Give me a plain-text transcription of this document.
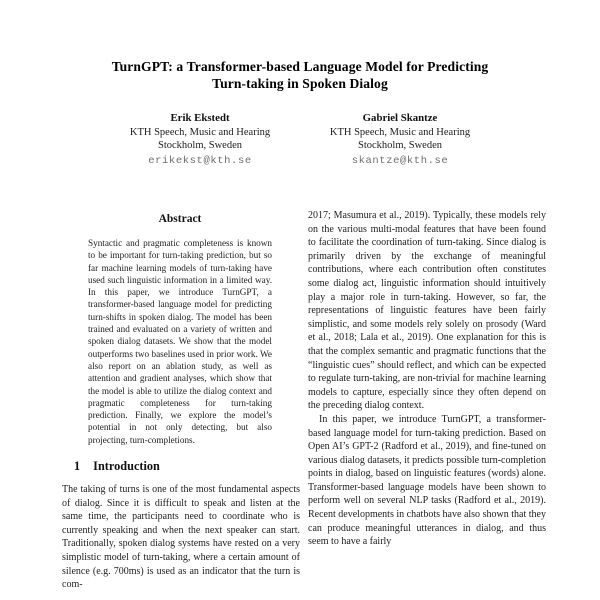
TurnGPT: a Transformer-based Language Model for Predicting
Turn-taking in Spoken Dialog
Erik Ekstedt
KTH Speech, Music and Hearing
Stockholm, Sweden
erikekst@kth.se
Gabriel Skantze
KTH Speech, Music and Hearing
Stockholm, Sweden
skantze@kth.se
Abstract
Syntactic and pragmatic completeness is known to be important for turn-taking prediction, but so far machine learning models of turn-taking have used such linguistic information in a limited way. In this paper, we introduce TurnGPT, a transformer-based language model for predicting turn-shifts in spoken dialog. The model has been trained and evaluated on a variety of written and spoken dialog datasets. We show that the model outperforms two baselines used in prior work. We also report on an ablation study, as well as attention and gradient analyses, which show that the model is able to utilize the dialog context and pragmatic completeness for turn-taking prediction. Finally, we explore the model’s potential in not only detecting, but also projecting, turn-completions.
1 Introduction

The taking of turns is one of the most fundamental aspects of dialog. Since it is difficult to speak and listen at the same time, the participants need to coordinate who is currently speaking and when the next speaker can start. Traditionally, spoken dialog systems have rested on a very simplistic model of turn-taking, where a certain amount of silence (e.g. 700ms) is used as an indicator that the turn is com-

2017; Masumura et al., 2019). Typically, these models rely on the various multi-modal features that have been found to facilitate the coordination of turn-taking. Since dialog is primarily driven by the exchange of meaningful contributions, where each contribution often constitutes some dialog act, linguistic information should intuitively play a major role in turn-taking. However, so far, the representations of linguistic features have been fairly simplistic, and some models rely solely on prosody (Ward et al., 2018; Lala et al., 2019). One explanation for this is that the complex semantic and pragmatic functions that the “linguistic cues” should reflect, and which can be expected to regulate turn-taking, are non-trivial for machine learning models to capture, especially since they often depend on the preceding dialog context.

In this paper, we introduce TurnGPT, a transformer-based language model for turn-taking prediction. Based on Open AI’s GPT-2 (Radford et al., 2019), and fine-tuned on various dialog datasets, it predicts possible turn-completion points in dialog, based on linguistic features (words) alone. Transformer-based language models have been shown to perform well on several NLP tasks (Radford et al., 2019). Recent developments in chatbots have also shown that they can produce meaningful utterances in dialog, and thus seem to have a fairly
